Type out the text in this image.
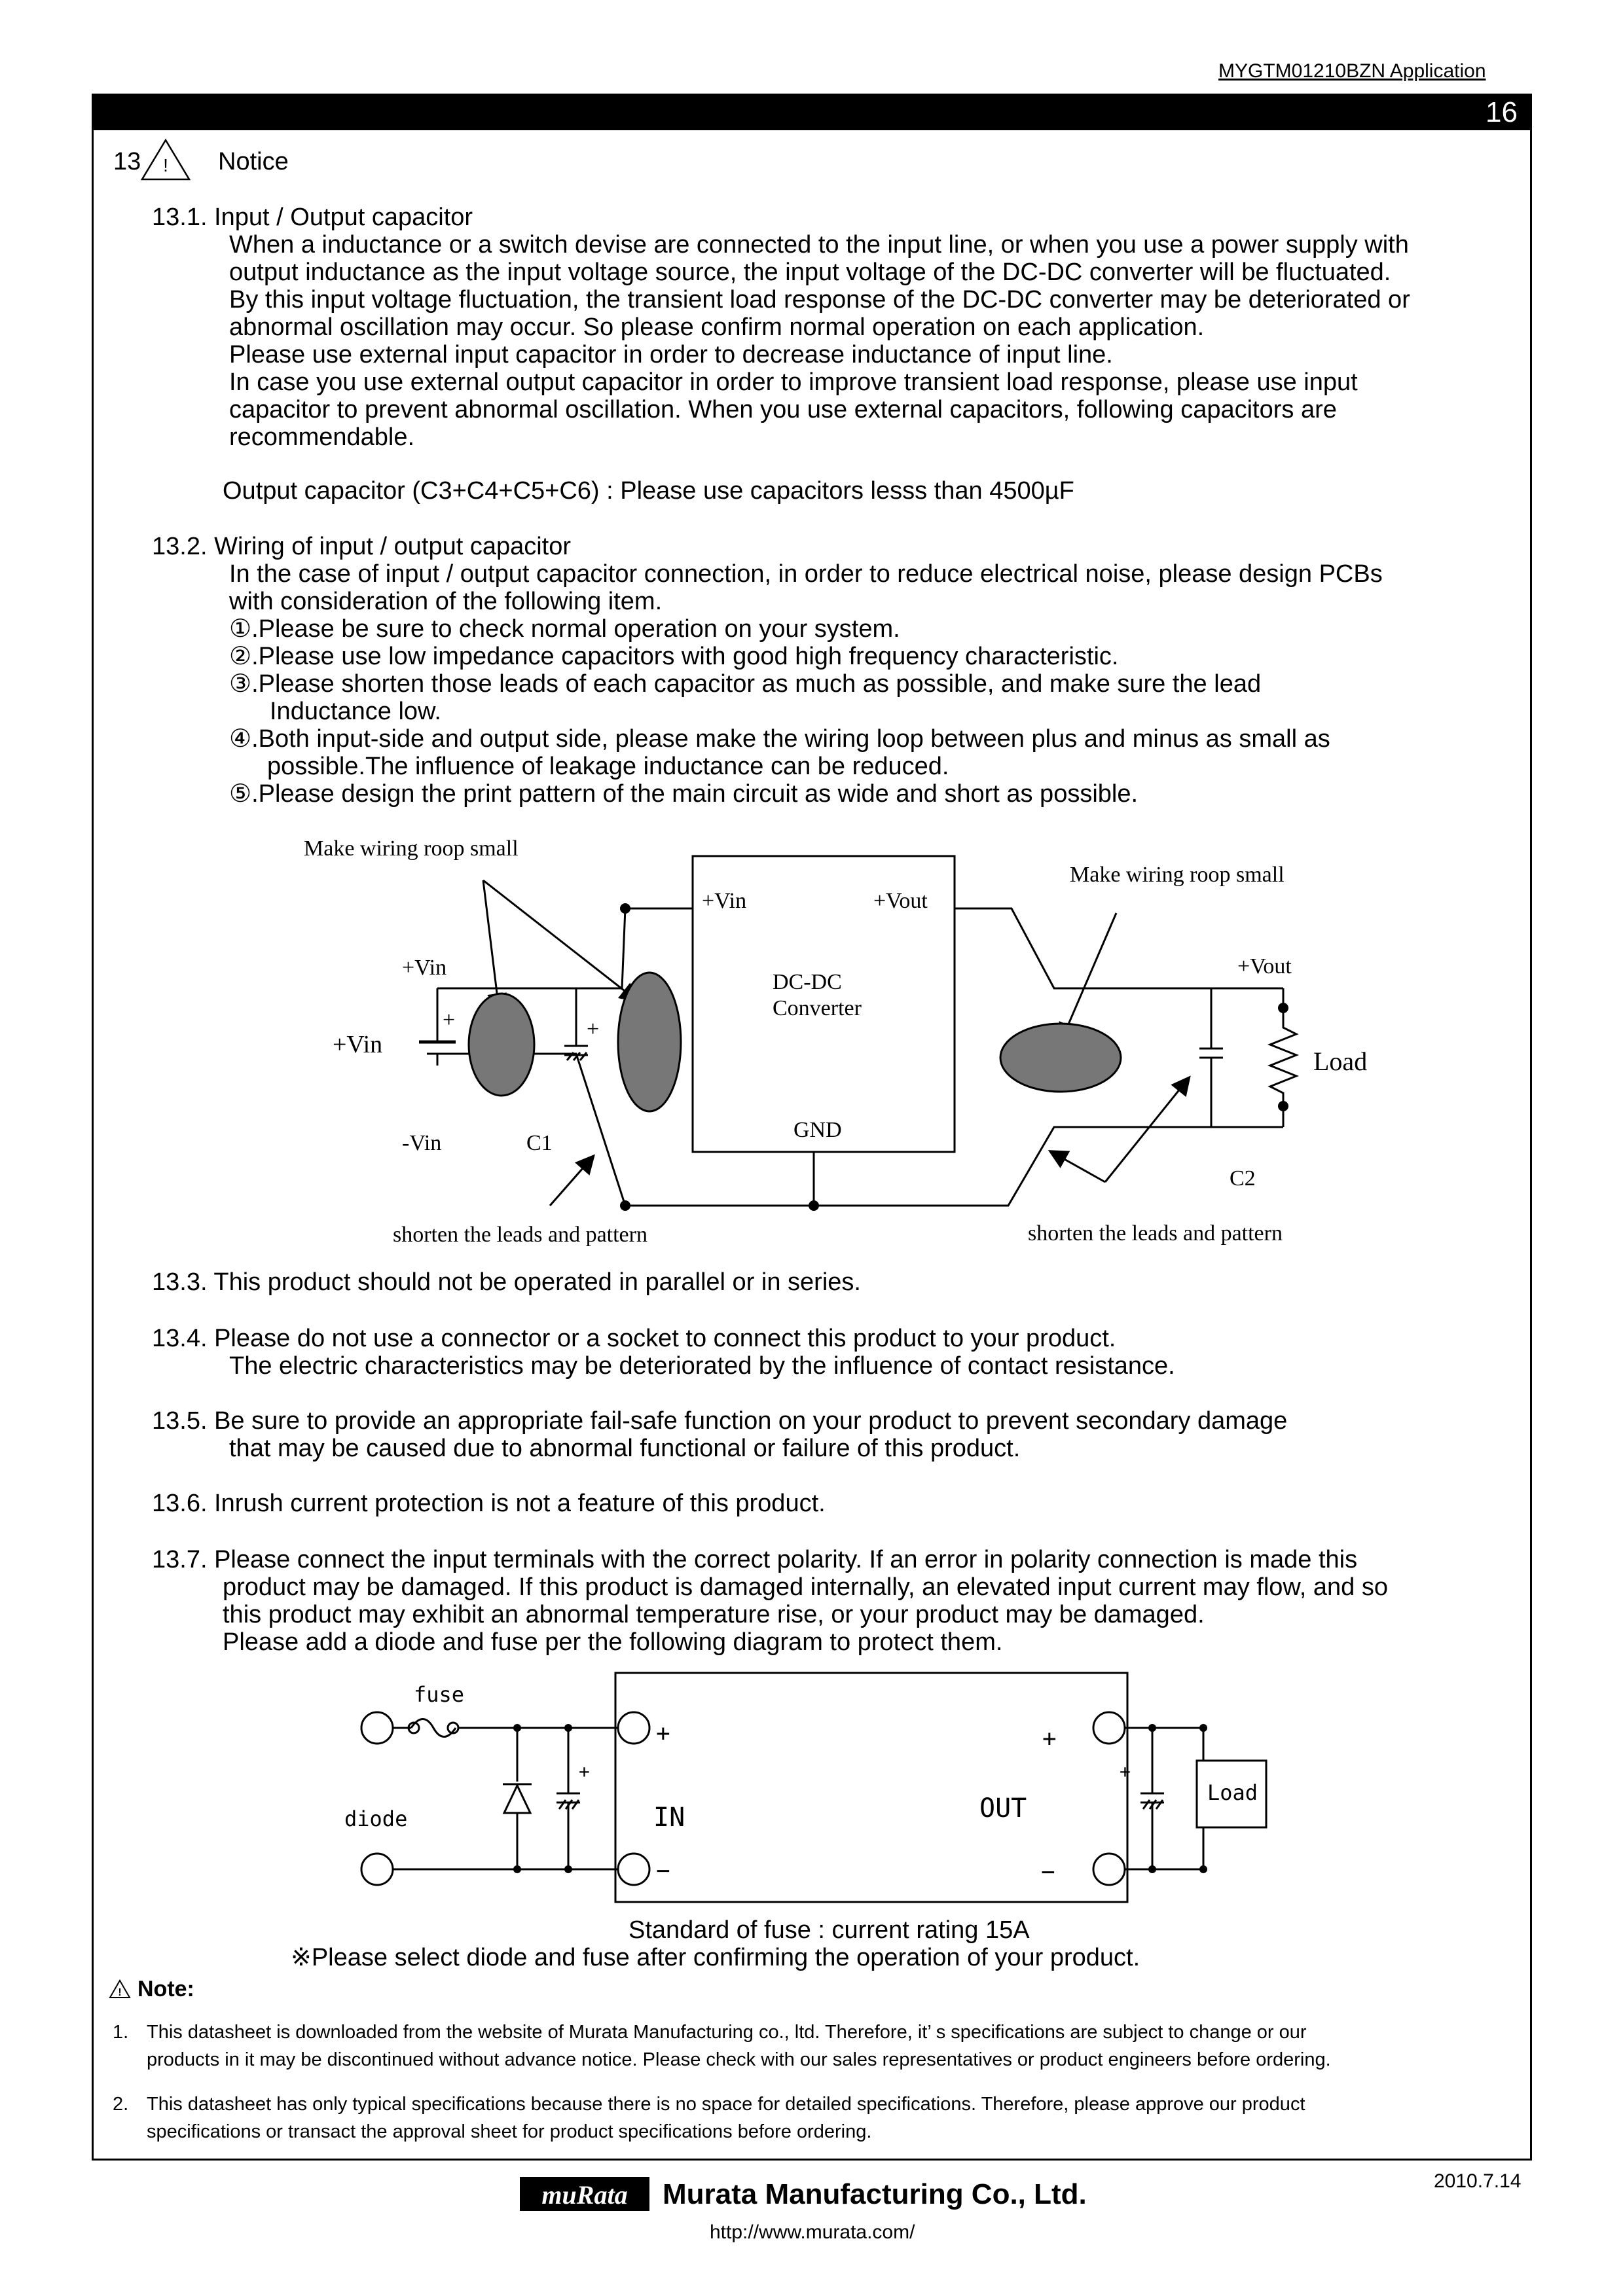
MYGTM01210BZN Application
16
13 ! Notice
13.1. Input / Output capacitor
When a inductance or a switch devise are connected to the input line, or when you use a power supply with
output inductance as the input voltage source, the input voltage of the DC-DC converter will be fluctuated.
By this input voltage fluctuation, the transient load response of the DC-DC converter may be deteriorated or
abnormal oscillation may occur. So please confirm normal operation on each application.
Please use external input capacitor in order to decrease inductance of input line.
In case you use external output capacitor in order to improve transient load response, please use input
capacitor to prevent abnormal oscillation. When you use external capacitors, following capacitors are
recommendable.
Output capacitor (C3+C4+C5+C6) : Please use capacitors lesss than 4500µF
13.2. Wiring of input / output capacitor
In the case of input / output capacitor connection, in order to reduce electrical noise, please design PCBs
with consideration of the following item.
①.Please be sure to check normal operation on your system.
②.Please use low impedance capacitors with good high frequency characteristic.
③.Please shorten those leads of each capacitor as much as possible, and make sure the lead
Inductance low.
④.Both input-side and output side, please make the wiring loop between plus and minus as small as
possible.The influence of leakage inductance can be reduced.
⑤.Please design the print pattern of the main circuit as wide and short as possible.
Make wiring roop small
Make wiring roop small
+Vin	+Vout
DC-DC
Converter
GND
+Vin
+Vin
-Vin	C1
+	+
+Vout
Load
C2
shorten the leads and pattern	shorten the leads and pattern
13.3. This product should not be operated in parallel or in series.
13.4. Please do not use a connector or a socket to connect this product to your product.
The electric characteristics may be deteriorated by the influence of contact resistance.
13.5. Be sure to provide an appropriate fail-safe function on your product to prevent secondary damage
that may be caused due to abnormal functional or failure of this product.
13.6. Inrush current protection is not a feature of this product.
13.7. Please connect the input terminals with the correct polarity. If an error in polarity connection is made this
product may be damaged. If this product is damaged internally, an elevated input current may flow, and so
this product may exhibit an abnormal temperature rise, or your product may be damaged.
Please add a diode and fuse per the following diagram to protect them.
fuse
diode	IN	OUT
Load
+
−
+
−
+	+
Standard of fuse : current rating 15A
※Please select diode and fuse after confirming the operation of your product.
! Note:
1. This datasheet is downloaded from the website of Murata Manufacturing co., ltd. Therefore, it’ s specifications are subject to change or our
products in it may be discontinued without advance notice. Please check with our sales representatives or product engineers before ordering.
2. This datasheet has only typical specifications because there is no space for detailed specifications. Therefore, please approve our product
specifications or transact the approval sheet for product specifications before ordering.
2010.7.14
muRata	Murata Manufacturing Co., Ltd.
http://www.murata.com/
